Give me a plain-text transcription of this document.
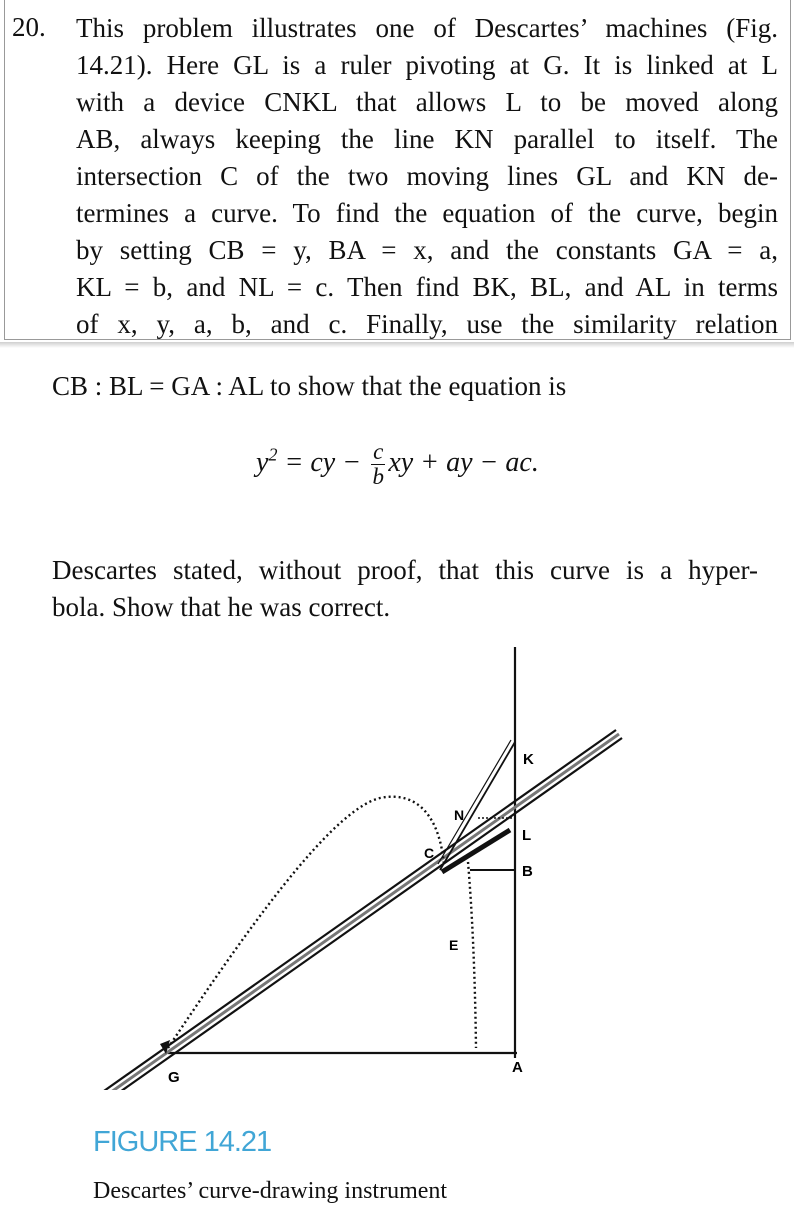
20. This problem illustrates one of Descartes’ machines (Fig.
14.21). Here GL is a ruler pivoting at G. It is linked at L
with a device CNKL that allows L to be moved along
AB, always keeping the line KN parallel to itself. The
intersection C of the two moving lines GL and KN de-
termines a curve. To find the equation of the curve, begin
by setting CB = y, BA = x, and the constants GA = a,
KL = b, and NL = c. Then find BK, BL, and AL in terms
of x, y, a, b, and c. Finally, use the similarity relation
CB : BL = GA : AL to show that the equation is
$y^2$ = cy − $\frac{c}{b}$ xy + ay − ac.
Descartes stated, without proof, that this curve is a hyper-
bola. Show that he was correct.
K
N
L
C
B
E
A
G
FIGURE 14.21
Descartes’ curve-drawing instrument
